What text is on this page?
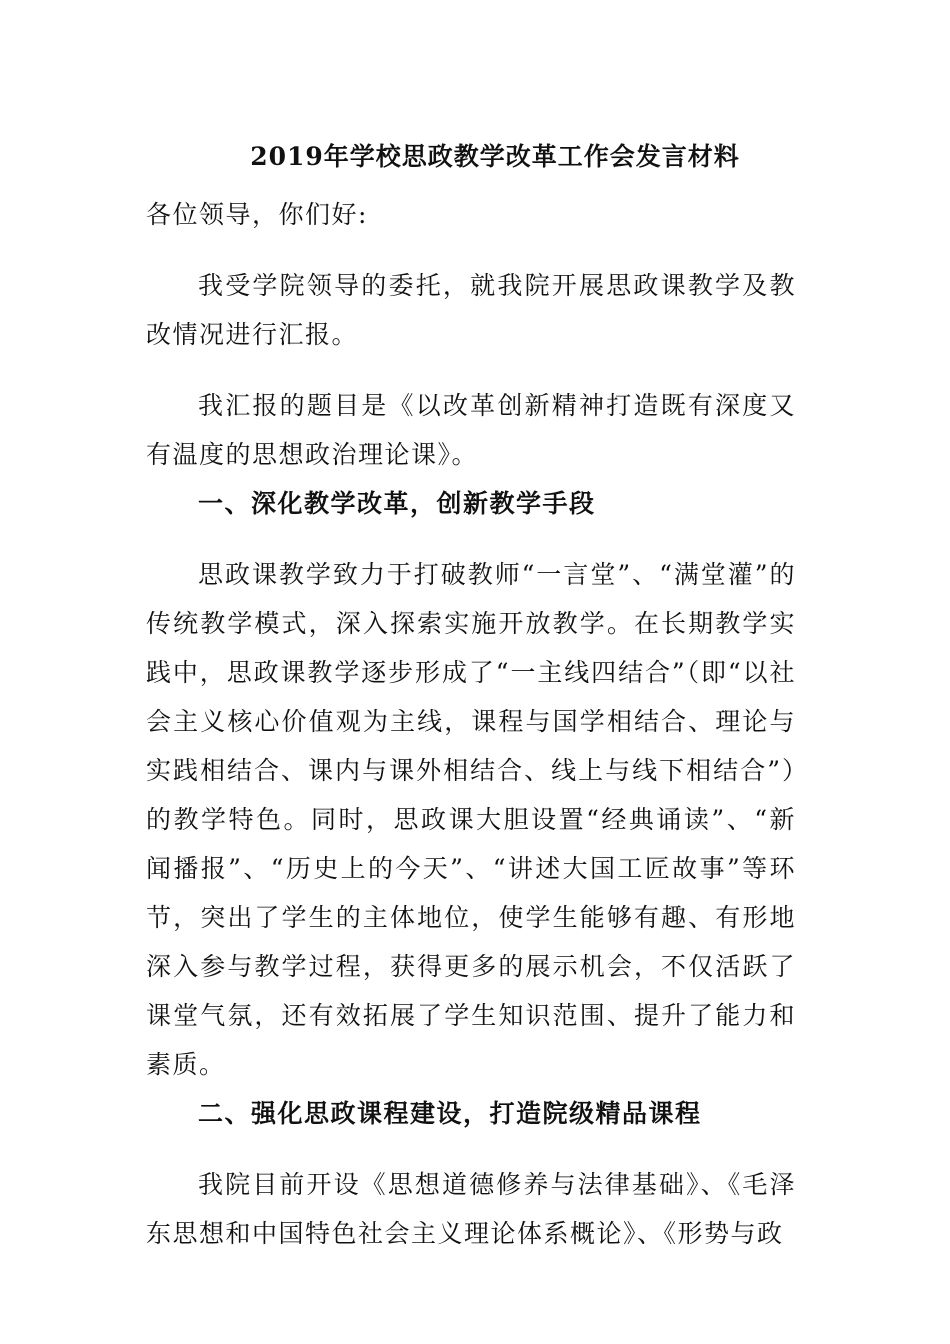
2019年学校思政教学改革工作会发言材料

各位领导，你们好:

我受学院领导的委托，就我院开展思政课教学及教改情况进行汇报。

我汇报的题目是《以改革创新精神打造既有深度又有温度的思想政治理论课》。

一、深化教学改革，创新教学手段

思政课教学致力于打破教师“一言堂”、“满堂灌”的传统教学模式，深入探索实施开放教学。在长期教学实践中，思政课教学逐步形成了“一主线四结合”（即“以社会主义核心价值观为主线，课程与国学相结合、理论与实践相结合、课内与课外相结合、线上与线下相结合”）的教学特色。同时，思政课大胆设置“经典诵读”、“新闻播报”、“历史上的今天”、“讲述大国工匠故事”等环节，突出了学生的主体地位，使学生能够有趣、有形地深入参与教学过程，获得更多的展示机会，不仅活跃了课堂气氛，还有效拓展了学生知识范围、提升了能力和素质。

二、强化思政课程建设，打造院级精品课程

我院目前开设《思想道德修养与法律基础》、《毛泽东思想和中国特色社会主义理论体系概论》、《形势与政
